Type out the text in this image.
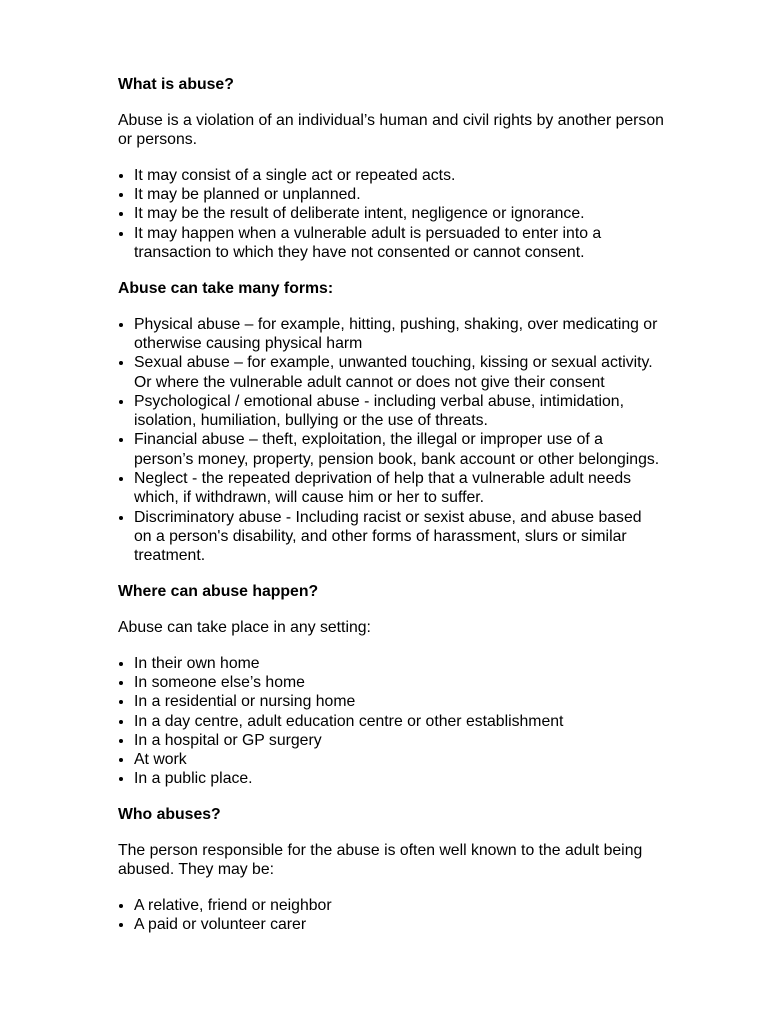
What is abuse?

Abuse is a violation of an individual’s human and civil rights by another person or persons.

• It may consist of a single act or repeated acts.
• It may be planned or unplanned.
• It may be the result of deliberate intent, negligence or ignorance.
• It may happen when a vulnerable adult is persuaded to enter into a transaction to which they have not consented or cannot consent.
Abuse can take many forms:
• Physical abuse – for example, hitting, pushing, shaking, over medicating or otherwise causing physical harm
• Sexual abuse – for example, unwanted touching, kissing or sexual activity. Or where the vulnerable adult cannot or does not give their consent
• Psychological / emotional abuse - including verbal abuse, intimidation, isolation, humiliation, bullying or the use of threats.
• Financial abuse – theft, exploitation, the illegal or improper use of a person’s money, property, pension book, bank account or other belongings.
• Neglect - the repeated deprivation of help that a vulnerable adult needs which, if withdrawn, will cause him or her to suffer.
• Discriminatory abuse - Including racist or sexist abuse, and abuse based on a person's disability, and other forms of harassment, slurs or similar treatment.
Where can abuse happen?

Abuse can take place in any setting:

• In their own home
• In someone else’s home
• In a residential or nursing home
• In a day centre, adult education centre or other establishment
• In a hospital or GP surgery
• At work
• In a public place.
Who abuses?

The person responsible for the abuse is often well known to the adult being abused. They may be:

• A relative, friend or neighbor
• A paid or volunteer carer
